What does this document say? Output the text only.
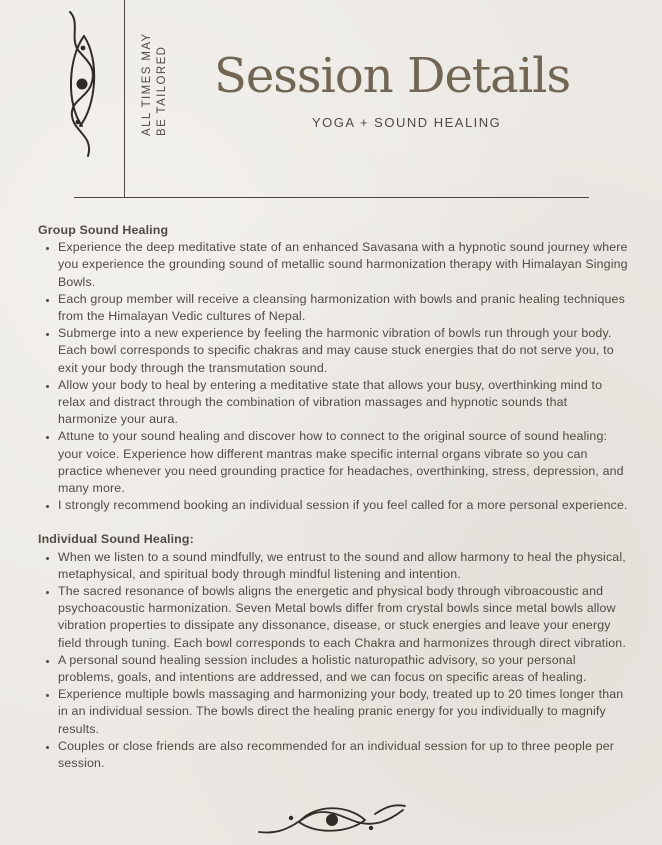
ALL TIMES MAY BE TAILORED Session Details
YOGA + SOUND HEALING

Group Sound Healing

• Experience the deep meditative state of an enhanced Savasana with a hypnotic sound journey where you experience the grounding sound of metallic sound harmonization therapy with Himalayan Singing Bowls.
• Each group member will receive a cleansing harmonization with bowls and pranic healing techniques from the Himalayan Vedic cultures of Nepal.
• Submerge into a new experience by feeling the harmonic vibration of bowls run through your body. Each bowl corresponds to specific chakras and may cause stuck energies that do not serve you, to exit your body through the transmutation sound.
• Allow your body to heal by entering a meditative state that allows your busy, overthinking mind to relax and distract through the combination of vibration massages and hypnotic sounds that harmonize your aura.
• Attune to your sound healing and discover how to connect to the original source of sound healing: your voice. Experience how different mantras make specific internal organs vibrate so you can practice whenever you need grounding practice for headaches, overthinking, stress, depression, and many more.
• I strongly recommend booking an individual session if you feel called for a more personal experience.

Individual Sound Healing:

• When we listen to a sound mindfully, we entrust to the sound and allow harmony to heal the physical, metaphysical, and spiritual body through mindful listening and intention.
• The sacred resonance of bowls aligns the energetic and physical body through vibroacoustic and psychoacoustic harmonization. Seven Metal bowls differ from crystal bowls since metal bowls allow vibration properties to dissipate any dissonance, disease, or stuck energies and leave your energy field through tuning. Each bowl corresponds to each Chakra and harmonizes through direct vibration.
• A personal sound healing session includes a holistic naturopathic advisory, so your personal problems, goals, and intentions are addressed, and we can focus on specific areas of healing.
• Experience multiple bowls massaging and harmonizing your body, treated up to 20 times longer than in an individual session. The bowls direct the healing pranic energy for you individually to magnify results.
• Couples or close friends are also recommended for an individual session for up to three people per session.
